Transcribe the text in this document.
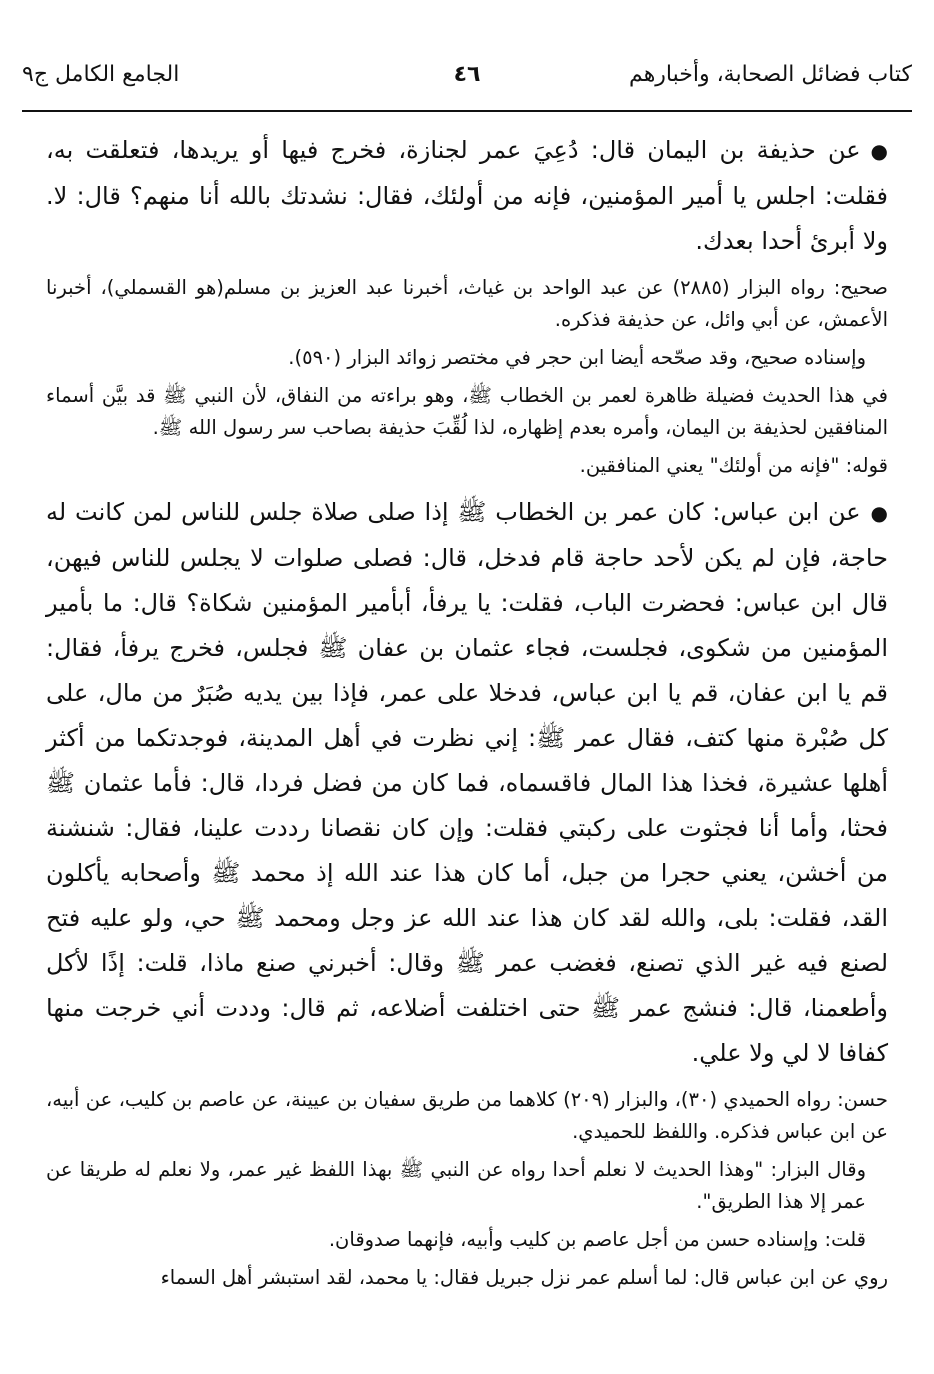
كتاب فضائل الصحابة، وأخبارهم
٤٦
الجامع الكامل ج٩

●عن حذيفة بن اليمان قال: دُعِيَ عمر لجنازة، فخرج فيها أو يريدها، فتعلقت به، فقلت: اجلس يا أمير المؤمنين، فإنه من أولئك، فقال: نشدتك بالله أنا منهم؟ قال: لا. ولا أبرئ أحدا بعدك.

صحيح: رواه البزار (٢٨٨٥) عن عبد الواحد بن غياث، أخبرنا عبد العزيز بن مسلم(هو القسملي)، أخبرنا الأعمش، عن أبي وائل، عن حذيفة فذكره.

وإسناده صحيح، وقد صحّحه أيضا ابن حجر في مختصر زوائد البزار (٥٩٠).

في هذا الحديث فضيلة ظاهرة لعمر بن الخطاب ﷺ، وهو براءته من النفاق، لأن النبي ﷺ قد بيَّن أسماء المنافقين لحذيفة بن اليمان، وأمره بعدم إظهاره، لذا لُقِّبَ حذيفة بصاحب سر رسول الله ﷺ.

قوله: "فإنه من أولئك" يعني المنافقين.

●عن ابن عباس: كان عمر بن الخطاب ﷺ إذا صلى صلاة جلس للناس لمن كانت له حاجة، فإن لم يكن لأحد حاجة قام فدخل، قال: فصلى صلوات لا يجلس للناس فيهن، قال ابن عباس: فحضرت الباب، فقلت: يا يرفأ، أبأمير المؤمنين شكاة؟ قال: ما بأمير المؤمنين من شكوى، فجلست، فجاء عثمان بن عفان ﷺ فجلس، فخرج يرفأ، فقال: قم يا ابن عفان، قم يا ابن عباس، فدخلا على عمر، فإذا بين يديه صُبَرٌ من مال، على كل صُبْرة منها كتف، فقال عمر ﷺ: إني نظرت في أهل المدينة، فوجدتكما من أكثر أهلها عشيرة، فخذا هذا المال فاقسماه، فما كان من فضل فردا، قال: فأما عثمان ﷺ فحثا، وأما أنا فجثوت على ركبتي فقلت: وإن كان نقصانا رددت علينا، فقال: شنشنة من أخشن، يعني حجرا من جبل، أما كان هذا عند الله إذ محمد ﷺ وأصحابه يأكلون القد، فقلت: بلى، والله لقد كان هذا عند الله عز وجل ومحمد ﷺ حي، ولو عليه فتح لصنع فيه غير الذي تصنع، فغضب عمر ﷺ وقال: أخبرني صنع ماذا، قلت: إذًا لأكل وأطعمنا، قال: فنشج عمر ﷺ حتى اختلفت أضلاعه، ثم قال: وددت أني خرجت منها كفافا لا لي ولا علي.

حسن: رواه الحميدي (٣٠)، والبزار (٢٠٩) كلاهما من طريق سفيان بن عيينة، عن عاصم بن كليب، عن أبيه، عن ابن عباس فذكره. واللفظ للحميدي.

وقال البزار: "وهذا الحديث لا نعلم أحدا رواه عن النبي ﷺ بهذا اللفظ غير عمر، ولا نعلم له طريقا عن عمر إلا هذا الطريق".

قلت: وإسناده حسن من أجل عاصم بن كليب وأبيه، فإنهما صدوقان.

روي عن ابن عباس قال: لما أسلم عمر نزل جبريل فقال: يا محمد، لقد استبشر أهل السماء
